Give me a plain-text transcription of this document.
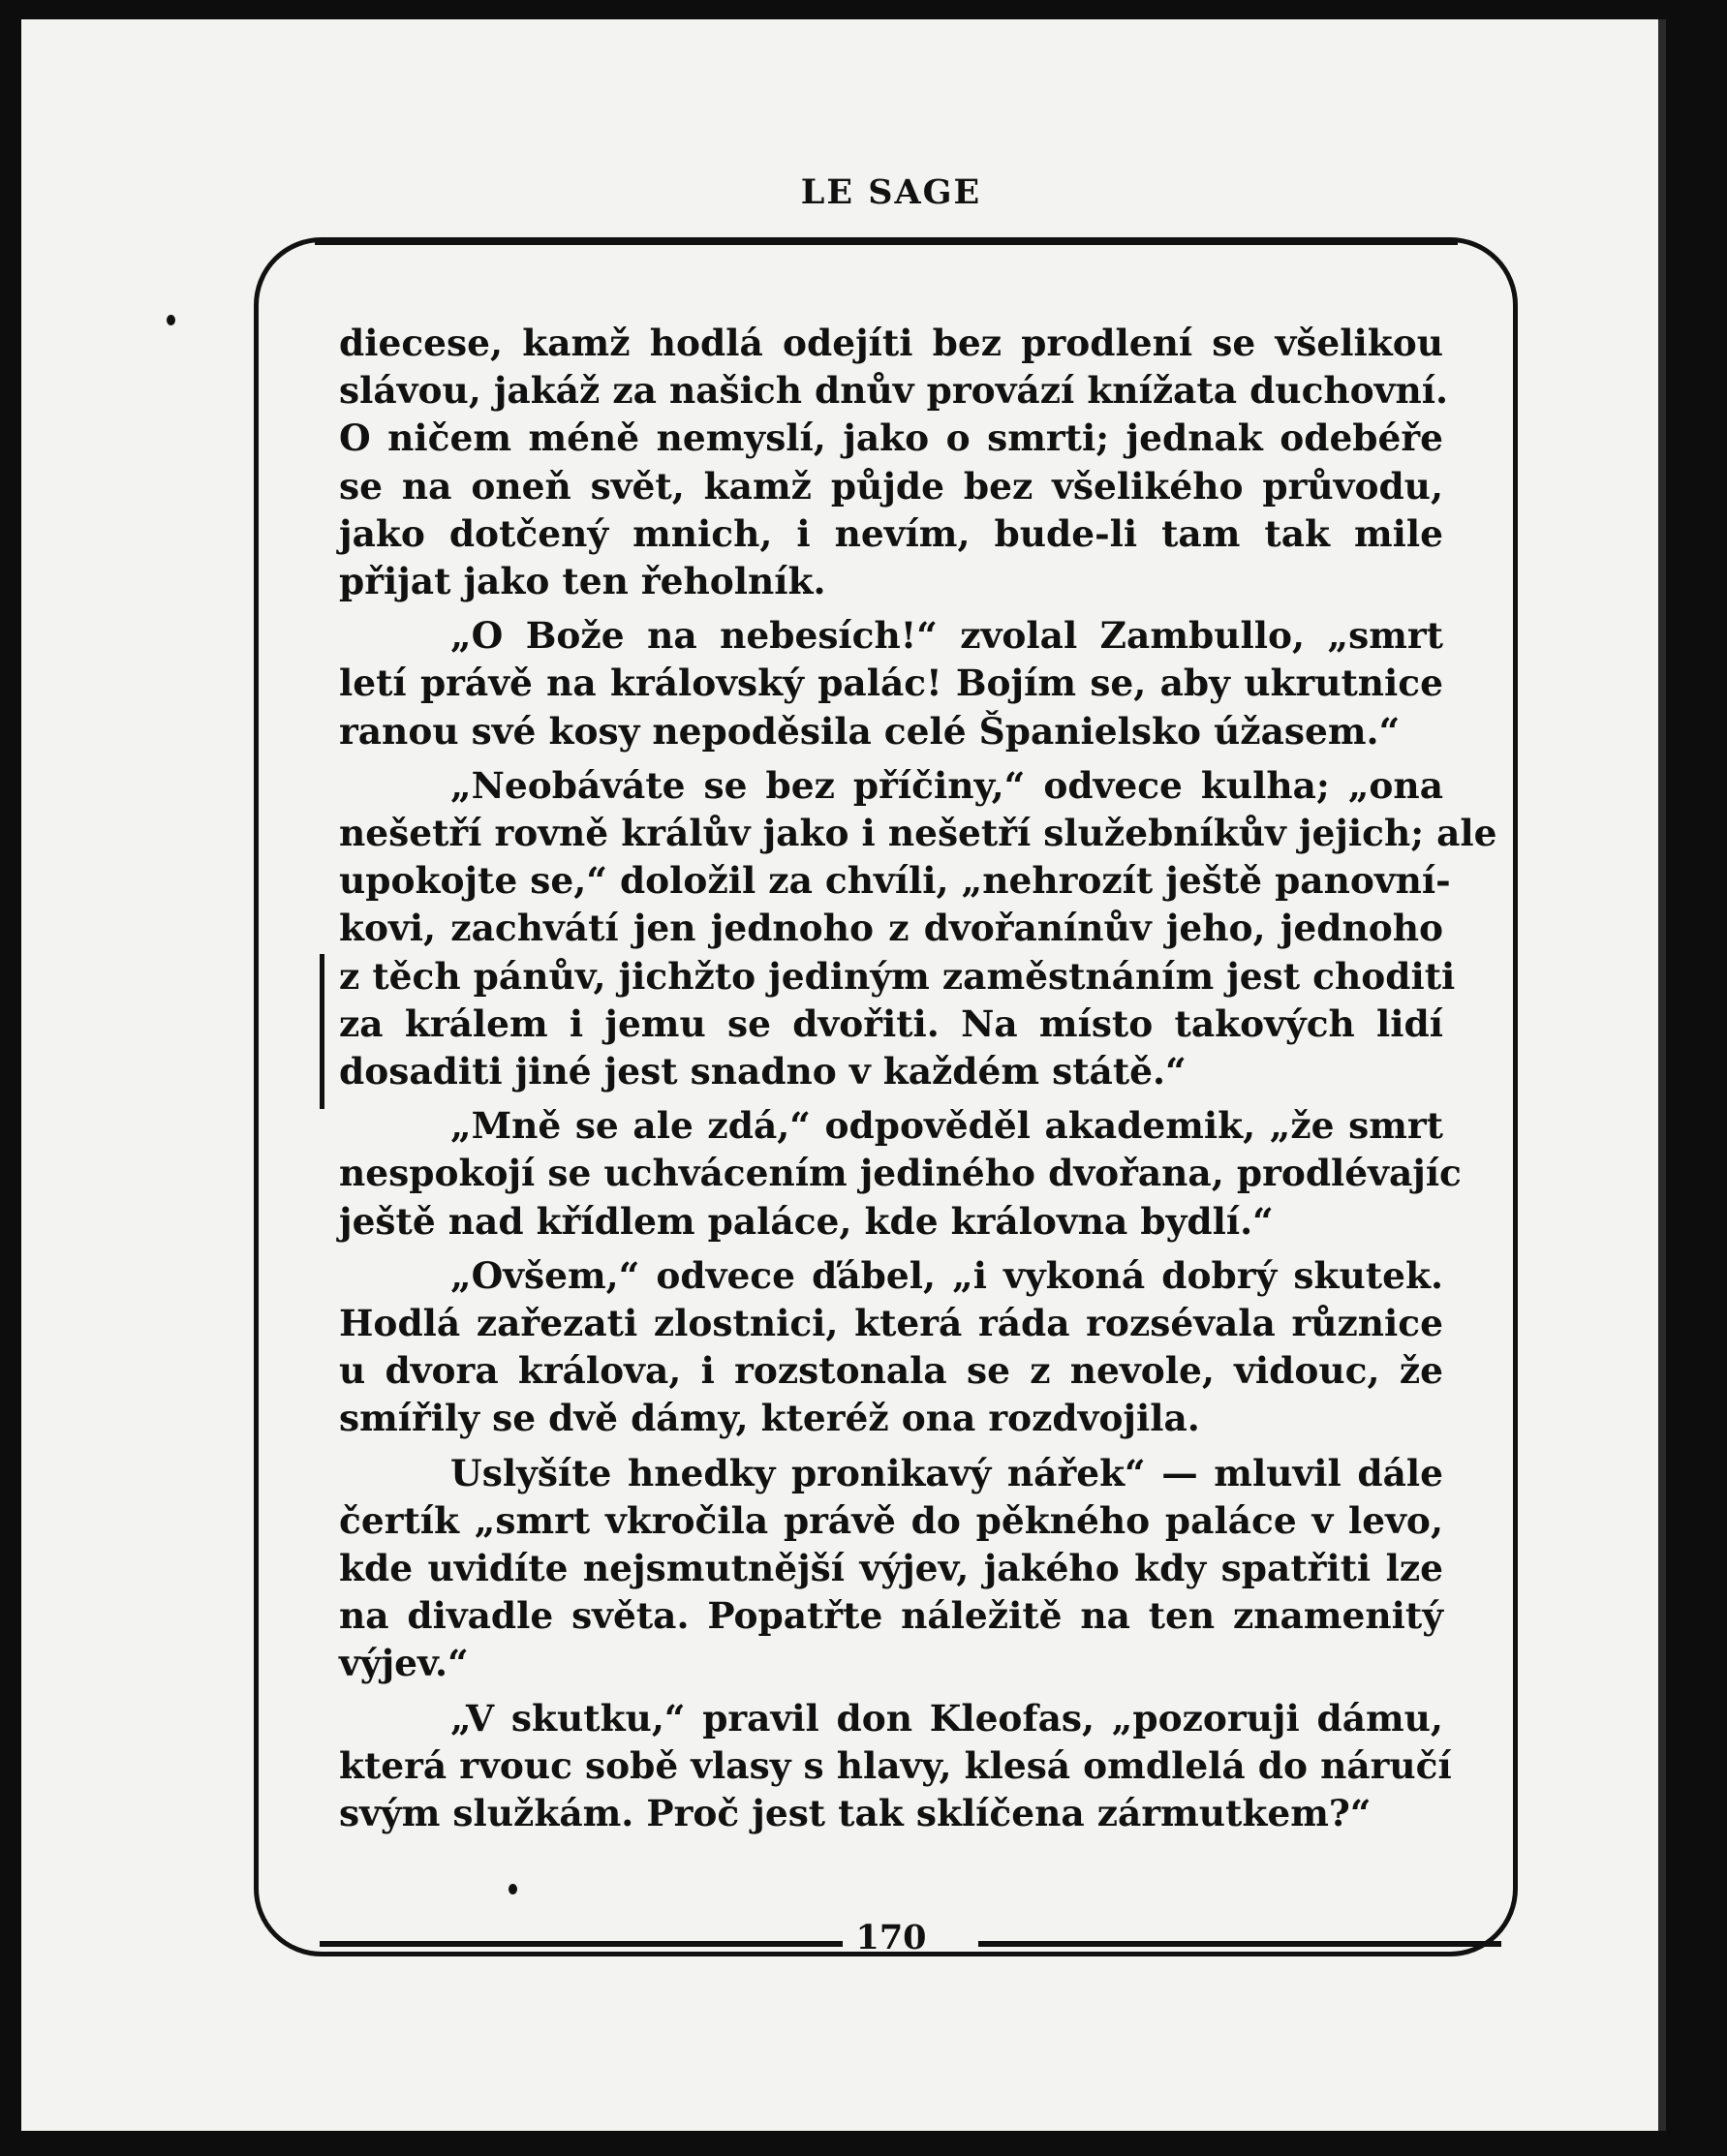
LE SAGE

diecese, kamž hodlá odejíti bez prodlení se všelikou
slávou, jakáž za našich dnův provází knížata duchovní.
O ničem méně nemyslí, jako o smrti; jednak odebéře
se na oneň svět, kamž půjde bez všelikého průvodu,
jako dotčený mnich, i nevím, bude-li tam tak mile
přijat jako ten řeholník.

„O Bože na nebesích!“ zvolal Zambullo, „smrt
letí právě na královský palác! Bojím se, aby ukrutnice
ranou své kosy nepoděsila celé Španielsko úžasem.“

„Neobáváte se bez příčiny,“ odvece kulha; „ona
nešetří rovně králův jako i nešetří služebníkův jejich; ale
upokojte se,“ doložil za chvíli, „nehrozít ještě panovní-
kovi, zachvátí jen jednoho z dvořanínův jeho, jednoho
z těch pánův, jichžto jediným zaměstnáním jest choditi
za králem i jemu se dvořiti. Na místo takových lidí
dosaditi jiné jest snadno v každém státě.“

„Mně se ale zdá,“ odpověděl akademik, „že smrt
nespokojí se uchvácením jediného dvořana, prodlévajíc
ještě nad křídlem paláce, kde královna bydlí.“

„Ovšem,“ odvece ďábel, „i vykoná dobrý skutek.
Hodlá zařezati zlostnici, která ráda rozsévala různice
u dvora králova, i rozstonala se z nevole, vidouc, že
smířily se dvě dámy, kteréž ona rozdvojila.

Uslyšíte hnedky pronikavý nářek“ — mluvil dále
čertík „smrt vkročila právě do pěkného paláce v levo,
kde uvidíte nejsmutnější výjev, jakého kdy spatřiti lze
na divadle světa. Popatřte náležitě na ten znamenitý
výjev.“

„V skutku,“ pravil don Kleofas, „pozoruji dámu,
která rvouc sobě vlasy s hlavy, klesá omdlelá do náručí
svým služkám. Proč jest tak sklíčena zármutkem?“

170
